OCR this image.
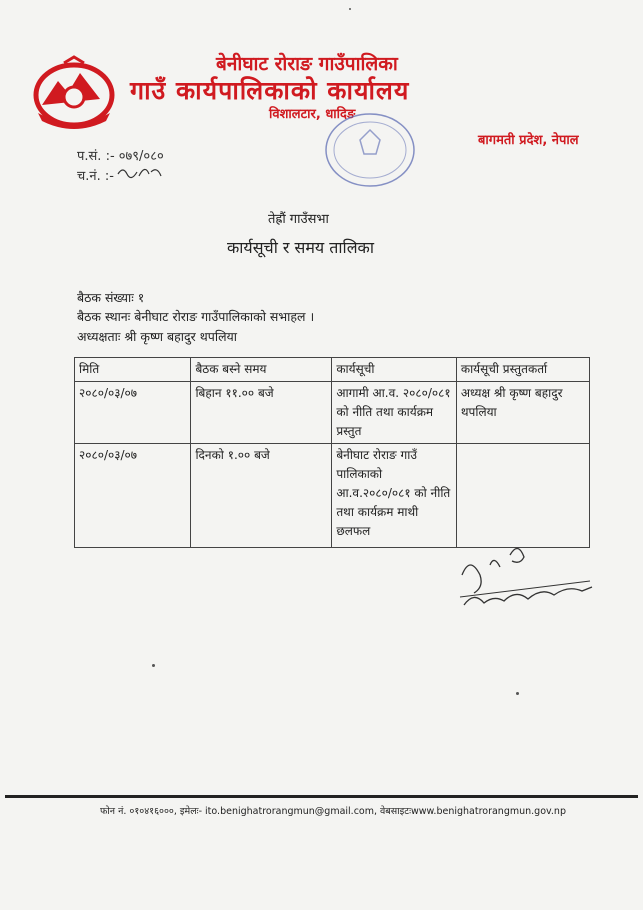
बेनीघाट रोराङ गाउँपालिका
गाउँ कार्यपालिकाको कार्यालय
विशालटार, धादिङ
बागमती प्रदेश, नेपाल
प.सं. :- ०७९/०८०
च.नं. :-
तेह्रौं गाउँसभा
कार्यसूची र समय तालिका
बैठक संख्याः १
बैठक स्थानः बेनीघाट रोराङ गाउँपालिकाको सभाहल ।
अध्यक्षताः श्री कृष्ण बहादुर थपलिया
मिति	बैठक बस्ने समय	कार्यसूची	कार्यसूची प्रस्तुतकर्ता
२०८०/०३/०७	बिहान ११.०० बजे	आगामी आ.व. २०८०/०८१ को नीति तथा कार्यक्रम प्रस्तुत	अध्यक्ष श्री कृष्ण बहादुर थपलिया
२०८०/०३/०७	दिनको १.०० बजे	बेनीघाट रोराङ गाउँ पालिकाको आ.व.२०८०/०८१ को नीति तथा कार्यक्रम माथी छलफल	
फोन नं. ०१०४१६०००, इमेलः- ito.benighatrorangmun@gmail.com, वेबसाइटःwww.benighatrorangmun.gov.np
